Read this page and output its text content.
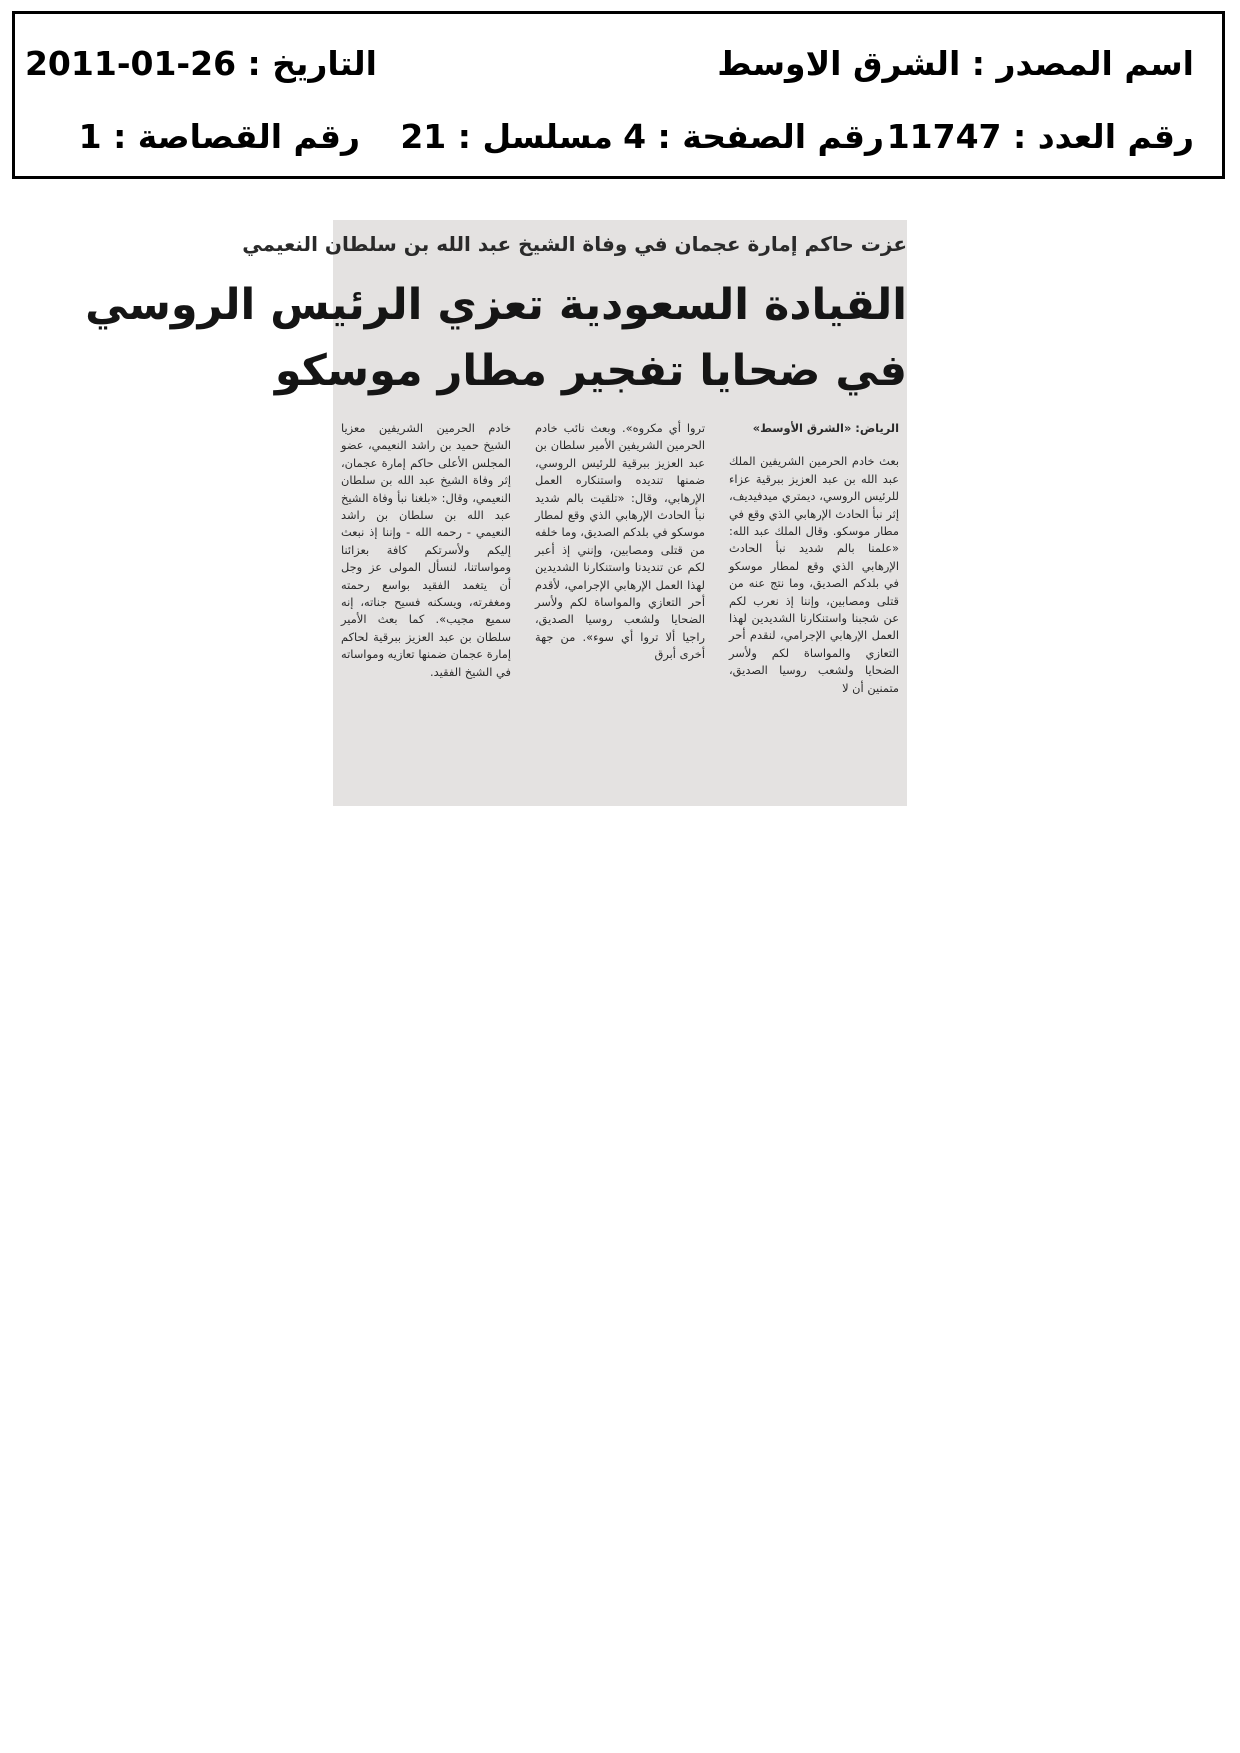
اسم المصدر : الشرق الاوسط
التاريخ : 2011-01-26
رقم العدد : 11747
رقم الصفحة : 4
مسلسل : 21
رقم القصاصة : 1
عزت حاكم إمارة عجمان في وفاة الشيخ عبد الله بن سلطان النعيمي
القيادة السعودية تعزي الرئيس الروسي
في ضحايا تفجير مطار موسكو

الرياض: «الشرق الأوسط»

بعث خادم الحرمين الشريفين الملك عبد الله بن عبد العزيز ببرقية عزاء للرئيس الروسي، ديمتري ميدفيديف، إثر نبأ الحادث الإرهابي الذي وقع في مطار موسكو. وقال الملك عبد الله: «علمنا بالم شديد نبأ الحادث الإرهابي الذي وقع لمطار موسكو في بلدكم الصديق، وما نتج عنه من قتلى ومصابين، وإننا إذ نعرب لكم عن شجبنا واستنكارنا الشديدين لهذا العمل الإرهابي الإجرامي، لنقدم أحر التعازي والمواساة لكم ولأسر الضحايا ولشعب روسيا الصديق، متمنين أن لا

تروا أي مكروه». وبعث نائب خادم الحرمين الشريفين الأمير سلطان بن عبد العزيز ببرقية للرئيس الروسي، ضمنها تنديده واستنكاره العمل الإرهابي، وقال: «تلقيت بالم شديد نبأ الحادث الإرهابي الذي وقع لمطار موسكو في بلدكم الصديق، وما خلفه من قتلى ومصابين، وإنني إذ أعبر لكم عن تنديدنا واستنكارنا الشديدين لهذا العمل الإرهابي الإجرامي، لأقدم أحر التعازي والمواساة لكم ولأسر الضحايا ولشعب روسيا الصديق، راجيا ألا تروا أي سوء». من جهة أخرى أبرق

خادم الحرمين الشريفين معزيا الشيخ حميد بن راشد النعيمي، عضو المجلس الأعلى حاكم إمارة عجمان، إثر وفاة الشيخ عبد الله بن سلطان النعيمي، وقال: «بلغنا نبأ وفاة الشيخ عبد الله بن سلطان بن راشد النعيمي - رحمه الله - وإننا إذ نبعث إليكم ولأسرتكم كافة بعزائنا ومواساتنا، لنسأل المولى عز وجل أن يتغمد الفقيد بواسع رحمته ومغفرته، ويسكنه فسيح جناته، إنه سميع مجيب». كما بعث الأمير سلطان بن عبد العزيز ببرقية لحاكم إمارة عجمان ضمنها تعازيه ومواساته في الشيخ الفقيد.
